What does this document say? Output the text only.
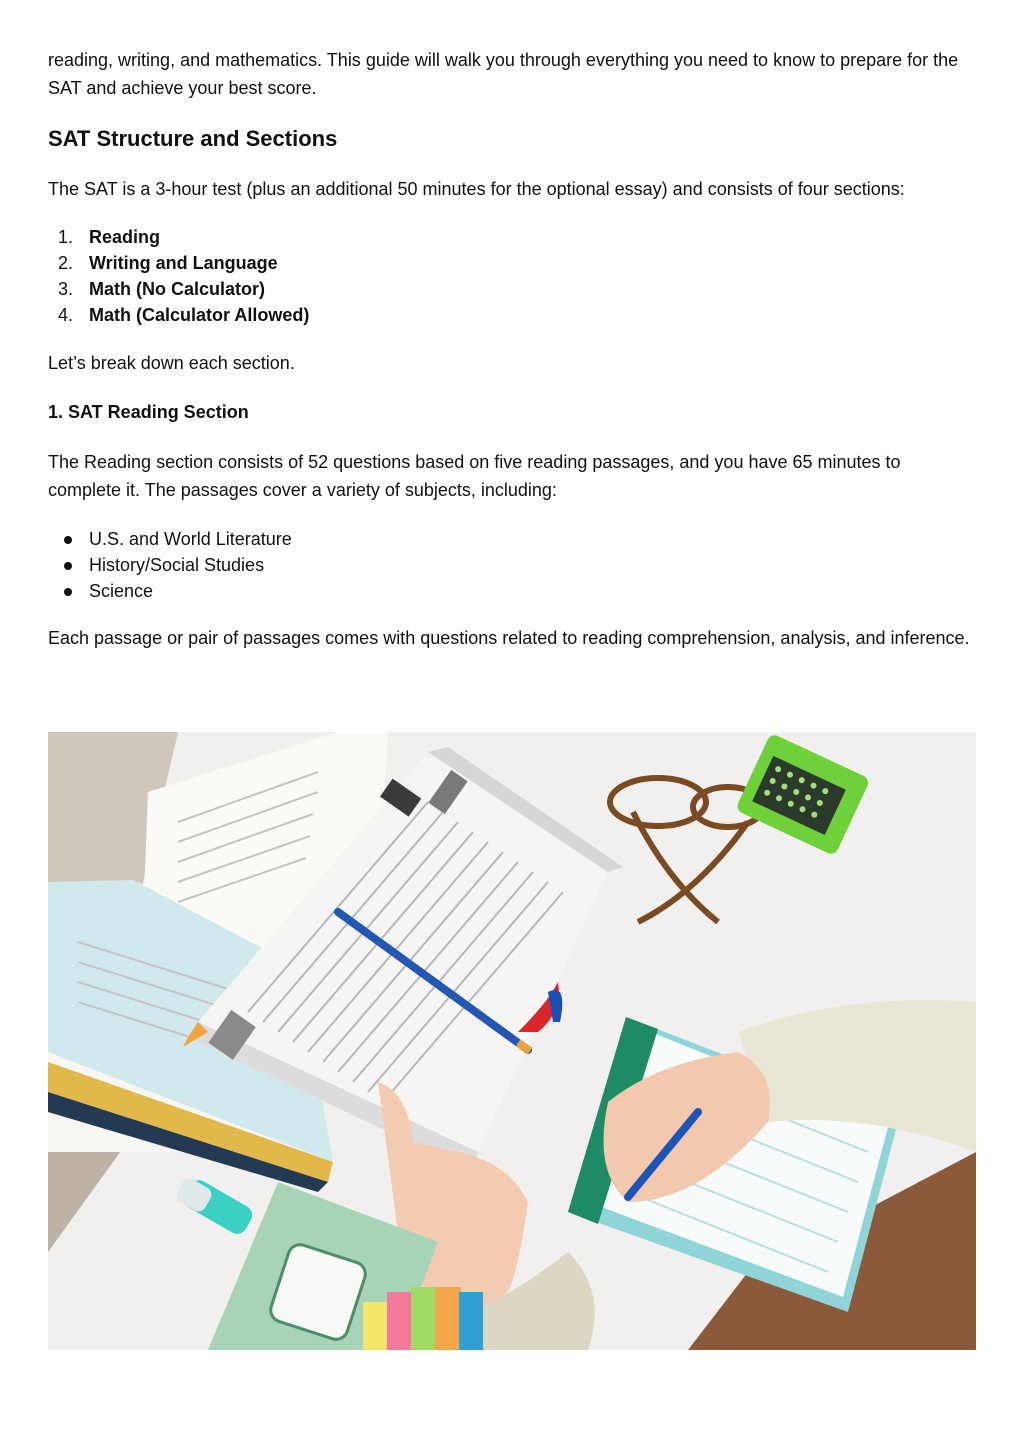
reading, writing, and mathematics. This guide will walk you through everything you need to know to prepare for the SAT and achieve your best score.

SAT Structure and Sections

The SAT is a 3-hour test (plus an additional 50 minutes for the optional essay) and consists of four sections:

1. Reading
2. Writing and Language
3. Math (No Calculator)
4. Math (Calculator Allowed)

Let’s break down each section.

1. SAT Reading Section

The Reading section consists of 52 questions based on five reading passages, and you have 65 minutes to complete it. The passages cover a variety of subjects, including:

U.S. and World Literature
History/Social Studies
Science

Each passage or pair of passages comes with questions related to reading comprehension, analysis, and inference.
